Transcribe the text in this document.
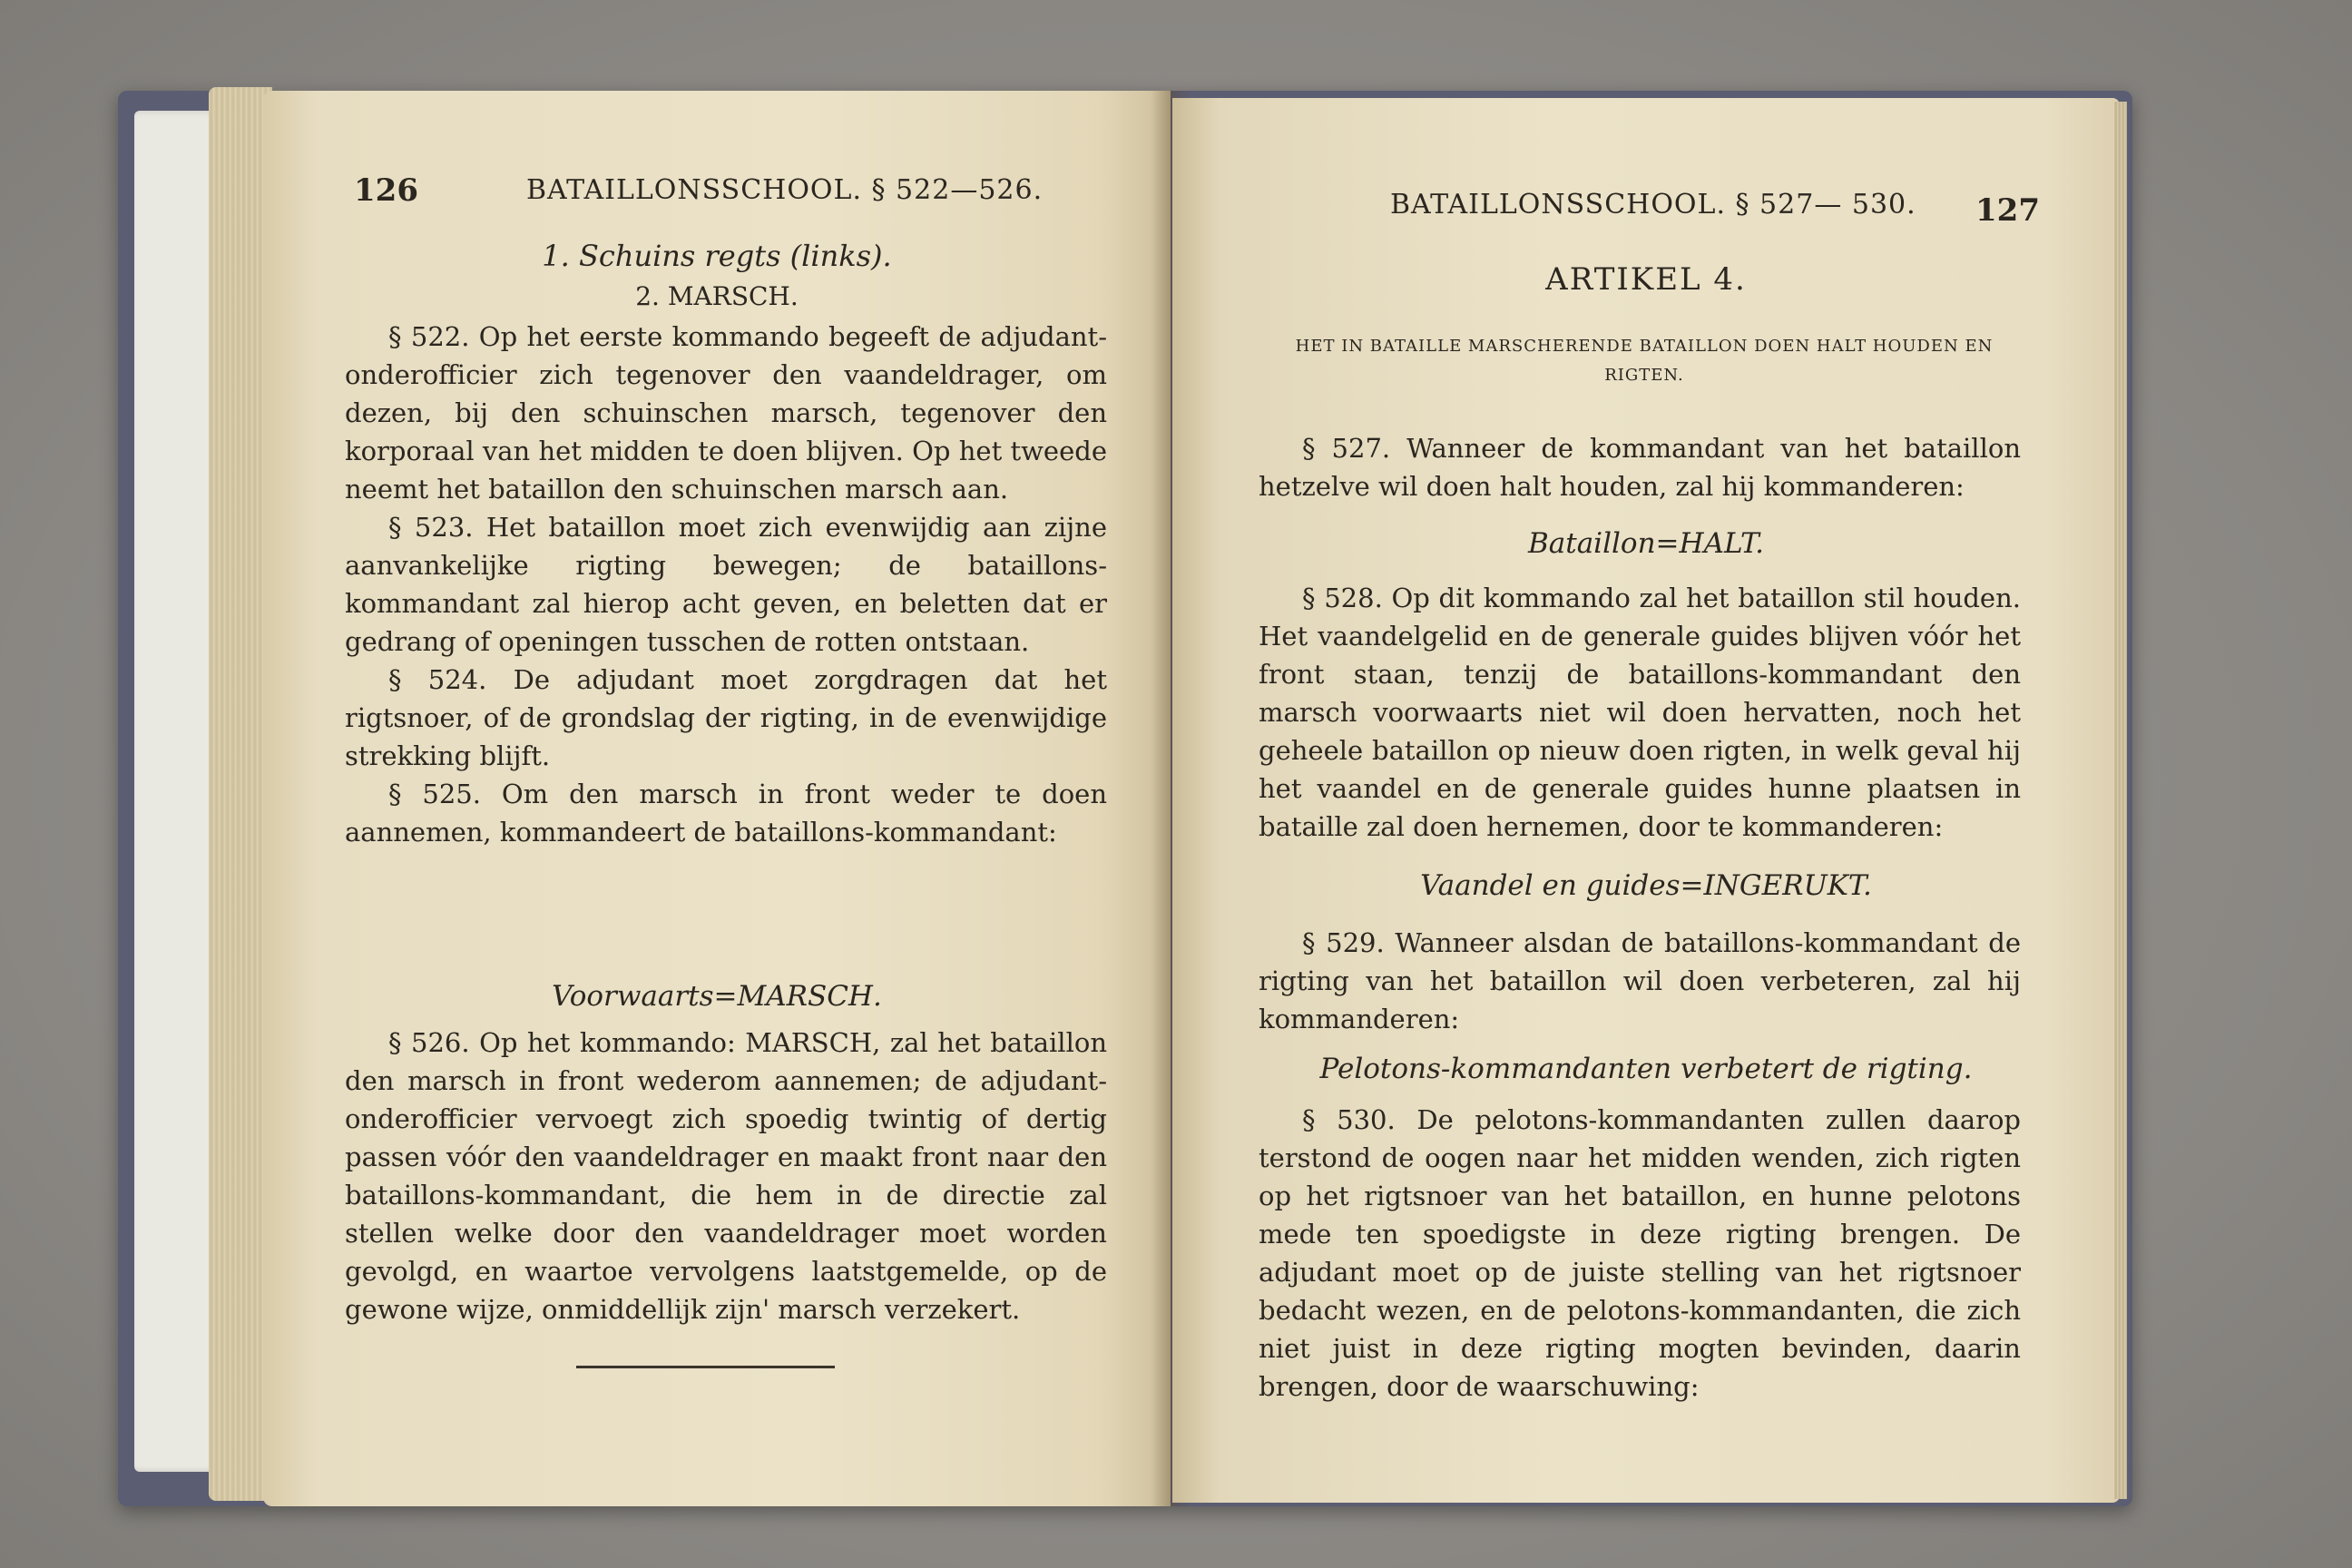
126	BATAILLONSSCHOOL. § 522—526.
1. Schuins regts (links).
2. MARSCH.

§ 522. Op het eerste kommando begeeft de adjudant-onderofficier zich tegenover den vaandeldrager, om dezen, bij den schuinschen marsch, tegenover den korporaal van het midden te doen blijven. Op het tweede neemt het bataillon den schuinschen marsch aan.

§ 523. Het bataillon moet zich evenwijdig aan zijne aanvankelijke rigting bewegen; de bataillons-kommandant zal hierop acht geven, en beletten dat er gedrang of openingen tusschen de rotten ontstaan.

§ 524. De adjudant moet zorgdragen dat het rigtsnoer, of de grondslag der rigting, in de evenwijdige strekking blijft.

§ 525. Om den marsch in front weder te doen aannemen, kommandeert de bataillons-kommandant:

Voorwaarts=MARSCH.

§ 526. Op het kommando: MARSCH, zal het bataillon den marsch in front wederom aannemen; de adjudant-onderofficier vervoegt zich spoedig twintig of dertig passen vóór den vaandeldrager en maakt front naar den bataillons-kommandant, die hem in de directie zal stellen welke door den vaandeldrager moet worden gevolgd, en waartoe vervolgens laatstgemelde, op de gewone wijze, onmiddellijk zijn' marsch verzekert.

BATAILLONSSCHOOL. § 527— 530. 127
ARTIKEL 4.
HET IN BATAILLE MARSCHERENDE BATAILLON DOEN HALT HOUDEN EN RIGTEN.

§ 527. Wanneer de kommandant van het bataillon hetzelve wil doen halt houden, zal hij kommanderen:

Bataillon=HALT.

§ 528. Op dit kommando zal het bataillon stil houden. Het vaandelgelid en de generale guides blijven vóór het front staan, tenzij de bataillons-kommandant den marsch voorwaarts niet wil doen hervatten, noch het geheele bataillon op nieuw doen rigten, in welk geval hij het vaandel en de generale guides hunne plaatsen in bataille zal doen hernemen, door te kommanderen:

Vaandel en guides=INGERUKT.

§ 529. Wanneer alsdan de bataillons-kommandant de rigting van het bataillon wil doen verbeteren, zal hij kommanderen:

Pelotons-kommandanten verbetert de rigting.

§ 530. De pelotons-kommandanten zullen daarop terstond de oogen naar het midden wenden, zich rigten op het rigtsnoer van het bataillon, en hunne pelotons mede ten spoedigste in deze rigting brengen. De adjudant moet op de juiste stelling van het rigtsnoer bedacht wezen, en de pelotons-kommandanten, die zich niet juist in deze rigting mogten bevinden, daarin brengen, door de waarschuwing:
